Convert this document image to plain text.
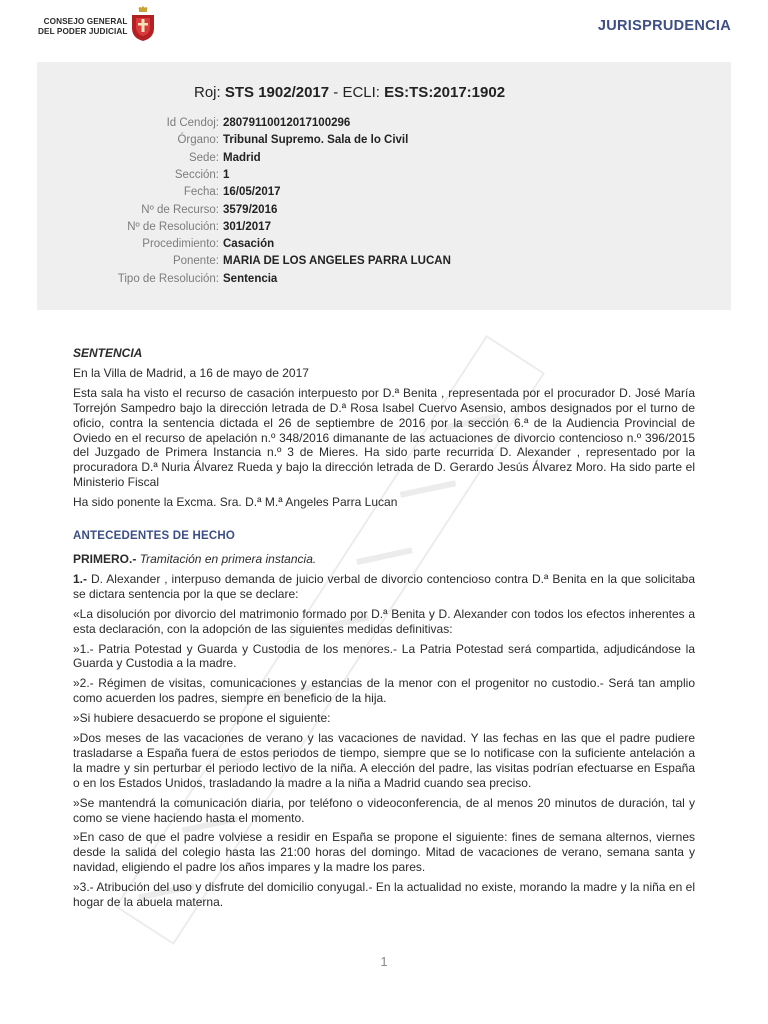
CONSEJO GENERAL
DEL PODER JUDICIAL	JURISPRUDENCIA
Roj: STS 1902/2017 - ECLI: ES:TS:2017:1902
Id Cendoj: 28079110012017100296
Órgano: Tribunal Supremo. Sala de lo Civil
Sede: Madrid
Sección: 1
Fecha: 16/05/2017
Nº de Recurso: 3579/2016
Nº de Resolución: 301/2017
Procedimiento: Casación
Ponente: MARIA DE LOS ANGELES PARRA LUCAN
Tipo de Resolución: Sentencia

SENTENCIA

En la Villa de Madrid, a 16 de mayo de 2017

Esta sala ha visto el recurso de casación interpuesto por D.ª Benita , representada por el procurador D. José María Torrejón Sampedro bajo la dirección letrada de D.ª Rosa Isabel Cuervo Asensio, ambos designados por el turno de oficio, contra la sentencia dictada el 26 de septiembre de 2016 por la sección 6.ª de la Audiencia Provincial de Oviedo en el recurso de apelación n.º 348/2016 dimanante de las actuaciones de divorcio contencioso n.º 396/2015 del Juzgado de Primera Instancia n.º 3 de Mieres. Ha sido parte recurrida D. Alexander , representado por la procuradora D.ª Nuria Álvarez Rueda y bajo la dirección letrada de D. Gerardo Jesús Álvarez Moro. Ha sido parte el Ministerio Fiscal

Ha sido ponente la Excma. Sra. D.ª M.ª Angeles Parra Lucan

ANTECEDENTES DE HECHO

PRIMERO.- Tramitación en primera instancia.

1.- D. Alexander , interpuso demanda de juicio verbal de divorcio contencioso contra D.ª Benita en la que solicitaba se dictara sentencia por la que se declare:

«La disolución por divorcio del matrimonio formado por D.ª Benita y D. Alexander con todos los efectos inherentes a esta declaración, con la adopción de las siguientes medidas definitivas:

»1.- Patria Potestad y Guarda y Custodia de los menores.- La Patria Potestad será compartida, adjudicándose la Guarda y Custodia a la madre.

»2.- Régimen de visitas, comunicaciones y estancias de la menor con el progenitor no custodio.- Será tan amplio como acuerden los padres, siempre en beneficio de la hija.

»Si hubiere desacuerdo se propone el siguiente:

»Dos meses de las vacaciones de verano y las vacaciones de navidad. Y las fechas en las que el padre pudiere trasladarse a España fuera de estos periodos de tiempo, siempre que se lo notificase con la suficiente antelación a la madre y sin perturbar el periodo lectivo de la niña. A elección del padre, las visitas podrían efectuarse en España o en los Estados Unidos, trasladando la madre a la niña a Madrid cuando sea preciso.

»Se mantendrá la comunicación diaria, por teléfono o videoconferencia, de al menos 20 minutos de duración, tal y como se viene haciendo hasta el momento.

»En caso de que el padre volviese a residir en España se propone el siguiente: fines de semana alternos, viernes desde la salida del colegio hasta las 21:00 horas del domingo. Mitad de vacaciones de verano, semana santa y navidad, eligiendo el padre los años impares y la madre los pares.

»3.- Atribución del uso y disfrute del domicilio conyugal.- En la actualidad no existe, morando la madre y la niña en el hogar de la abuela materna.

1
